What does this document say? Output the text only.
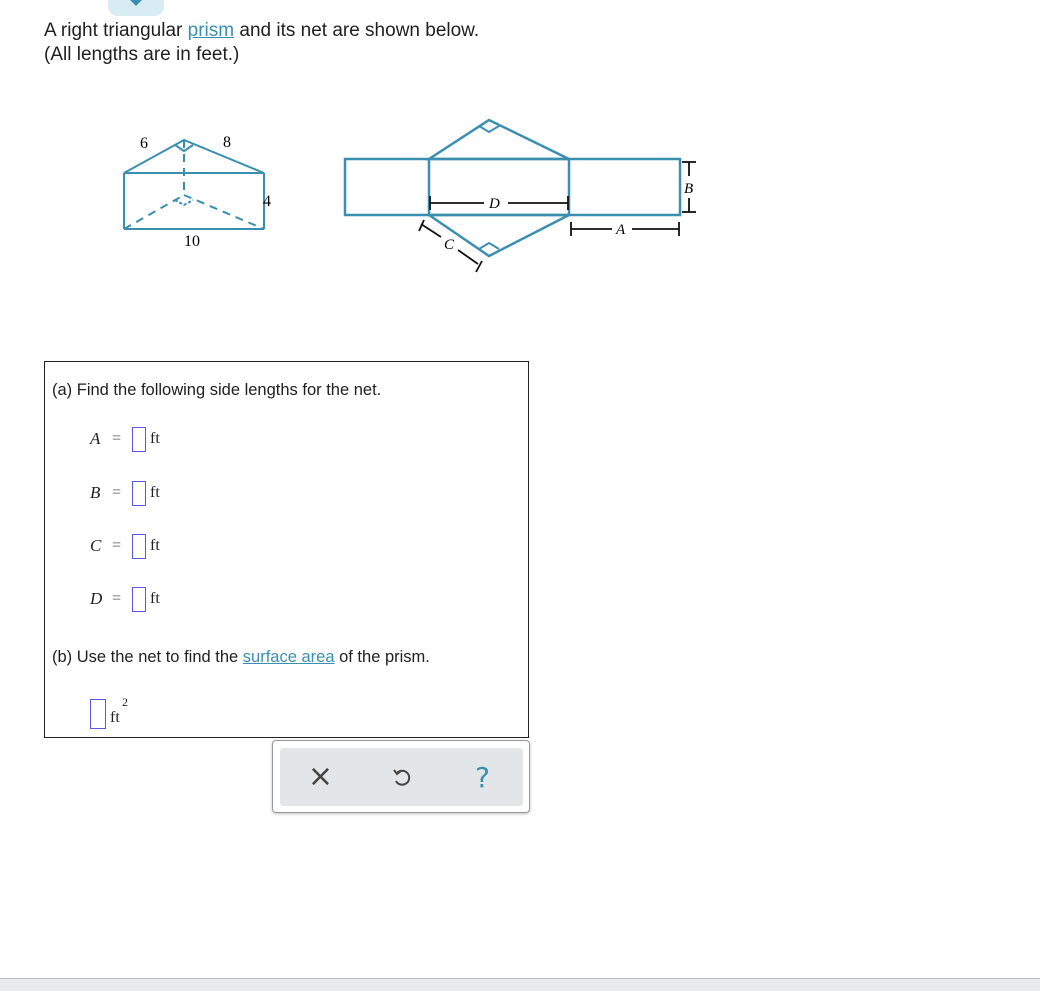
A right triangular prism and its net are shown below.
(All lengths are in feet.)
6	8
4
10
D
A
B
C
(a) Find the following side lengths for the net.
A =	ft
B =	ft
C =	ft
D =	ft
(b) Use the net to find the surface area of the prism.
ft
2
×	?
